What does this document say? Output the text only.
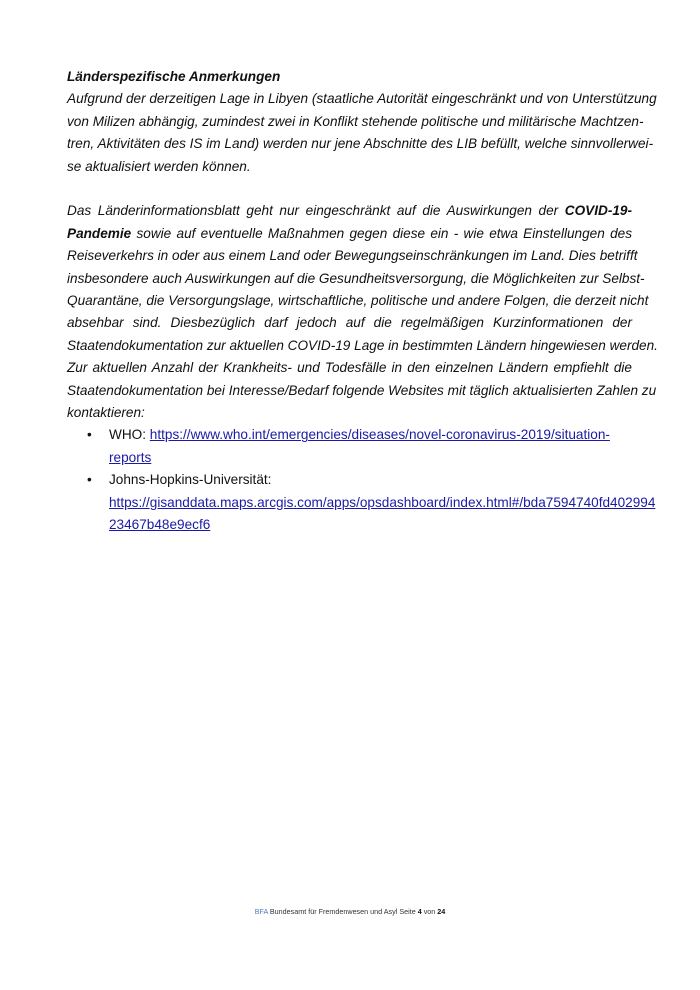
Länderspezifische Anmerkungen
Aufgrund der derzeitigen Lage in Libyen (staatliche Autorität eingeschränkt und von Unterstützung
von Milizen abhängig, zumindest zwei in Konflikt stehende politische und militärische Machtzen-
tren, Aktivitäten des IS im Land) werden nur jene Abschnitte des LIB befüllt, welche sinnvollerwei-
se aktualisiert werden können.
Das Länderinformationsblatt geht nur eingeschränkt auf die Auswirkungen der COVID-19-
Pandemie sowie auf eventuelle Maßnahmen gegen diese ein - wie etwa Einstellungen des
Reiseverkehrs in oder aus einem Land oder Bewegungseinschränkungen im Land. Dies betrifft
insbesondere auch Auswirkungen auf die Gesundheitsversorgung, die Möglichkeiten zur Selbst-
Quarantäne, die Versorgungslage, wirtschaftliche, politische und andere Folgen, die derzeit nicht
absehbar sind. Diesbezüglich darf jedoch auf die regelmäßigen Kurzinformationen der
Staatendokumentation zur aktuellen COVID-19 Lage in bestimmten Ländern hingewiesen werden.
Zur aktuellen Anzahl der Krankheits- und Todesfälle in den einzelnen Ländern empfiehlt die
Staatendokumentation bei Interesse/Bedarf folgende Websites mit täglich aktualisierten Zahlen zu
kontaktieren:
• WHO: https://www.who.int/emergencies/diseases/novel-coronavirus-2019/situation-reports
• Johns-Hopkins-Universität:
https://gisanddata.maps.arcgis.com/apps/opsdashboard/index.html#/bda7594740fd402994
23467b48e9ecf6
BFA Bundesamt für Fremdenwesen und Asyl Seite 4 von 24
